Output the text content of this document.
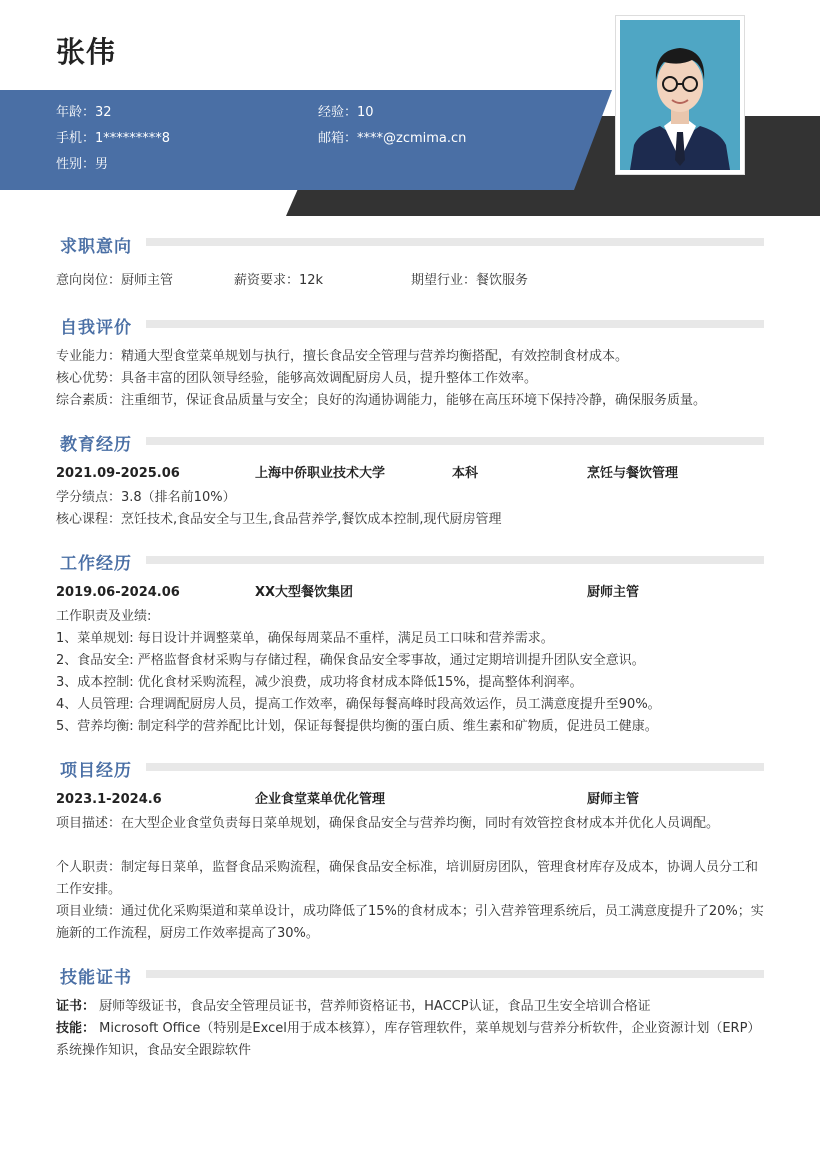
张伟
年龄：32	经验：10
手机：1*********8	邮箱：****@zcmima.cn
性别：男
求职意向
意向岗位：厨师主管	薪资要求：12k	期望行业：餐饮服务
自我评价
专业能力：精通大型食堂菜单规划与执行，擅长食品安全管理与营养均衡搭配，有效控制食材成本。
核心优势：具备丰富的团队领导经验，能够高效调配厨房人员，提升整体工作效率。
综合素质：注重细节，保证食品质量与安全；良好的沟通协调能力，能够在高压环境下保持冷静，确保服务质量。
教育经历
2021.09-2025.06	上海中侨职业技术大学	本科	烹饪与餐饮管理
学分绩点：3.8（排名前10%）
核心课程：烹饪技术,食品安全与卫生,食品营养学,餐饮成本控制,现代厨房管理
工作经历
2019.06-2024.06	XX大型餐饮集团	厨师主管
工作职责及业绩:
1、菜单规划: 每日设计并调整菜单，确保每周菜品不重样，满足员工口味和营养需求。
2、食品安全: 严格监督食材采购与存储过程，确保食品安全零事故，通过定期培训提升团队安全意识。
3、成本控制: 优化食材采购流程，减少浪费，成功将食材成本降低15%，提高整体利润率。
4、人员管理: 合理调配厨房人员，提高工作效率，确保每餐高峰时段高效运作，员工满意度提升至90%。
5、营养均衡: 制定科学的营养配比计划，保证每餐提供均衡的蛋白质、维生素和矿物质，促进员工健康。
项目经历
2023.1-2024.6	企业食堂菜单优化管理	厨师主管
项目描述：在大型企业食堂负责每日菜单规划，确保食品安全与营养均衡，同时有效管控食材成本并优化人员调配。
个人职责：制定每日菜单，监督食品采购流程，确保食品安全标准，培训厨房团队，管理食材库存及成本，协调人员分工和工作安排。
项目业绩：通过优化采购渠道和菜单设计，成功降低了15%的食材成本；引入营养管理系统后，员工满意度提升了20%；实施新的工作流程，厨房工作效率提高了30%。
技能证书
证书： 厨师等级证书，食品安全管理员证书，营养师资格证书，HACCP认证，食品卫生安全培训合格证
技能： Microsoft Office（特别是Excel用于成本核算），库存管理软件，菜单规划与营养分析软件，企业资源计划（ERP）系统操作知识，食品安全跟踪软件
